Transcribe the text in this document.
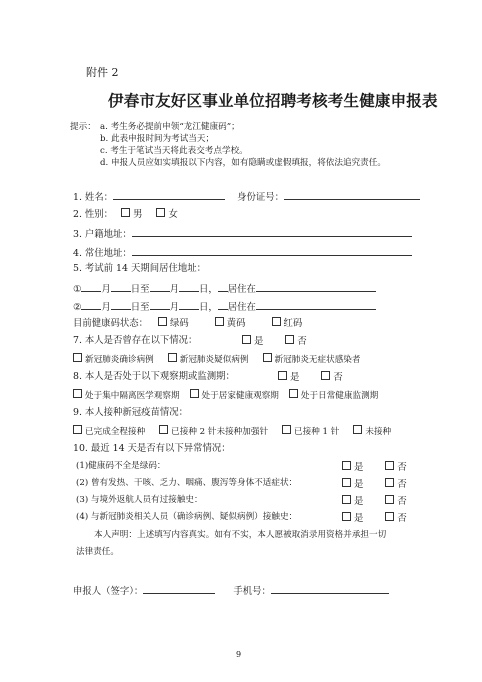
附件 2
伊春市友好区事业单位招聘考核考生健康申报表
提示： a. 考生务必提前申领“龙江健康码”；
b. 此表申报时间为考试当天；
c. 考生于笔试当天将此表交考点学校。
d. 申报人员应如实填报以下内容，如有隐瞒或虚假填报，将依法追究责任。
1. 姓名：	身份证号：
2. 性别： 男	女
3. 户籍地址：
4. 常住地址：
5. 考试前 14 天期间居住地址：
① 月 日至 月 日， 居住在
② 月 日至 月 日， 居住在
目前健康码状态： 绿码	黄码	红码
7. 本人是否曾存在以下情况：	是	否
新冠肺炎确诊病例	新冠肺炎疑似病例	新冠肺炎无症状感染者
8. 本人是否处于以下观察期或监测期：	是	否
处于集中隔离医学观察期	处于居家健康观察期	处于日常健康监测期
9. 本人接种新冠疫苗情况：
已完成全程接种	已接种 2 针未接种加强针	已接种 1 针	未接种
10. 最近 14 天是否有以下异常情况：
(1)健康码不全是绿码：	是	否
(2) 曾有发热、干咳、乏力、咽痛、腹泻等身体不适症状：	是	否
(3) 与境外返航人员有过接触史：	是	否
(4) 与新冠肺炎相关人员（确诊病例、疑似病例）接触史：	是	否
本人声明：上述填写内容真实。如有不实，本人愿被取消录用资格并承担一切
法律责任。
申报人（签字）：	手机号：
9
